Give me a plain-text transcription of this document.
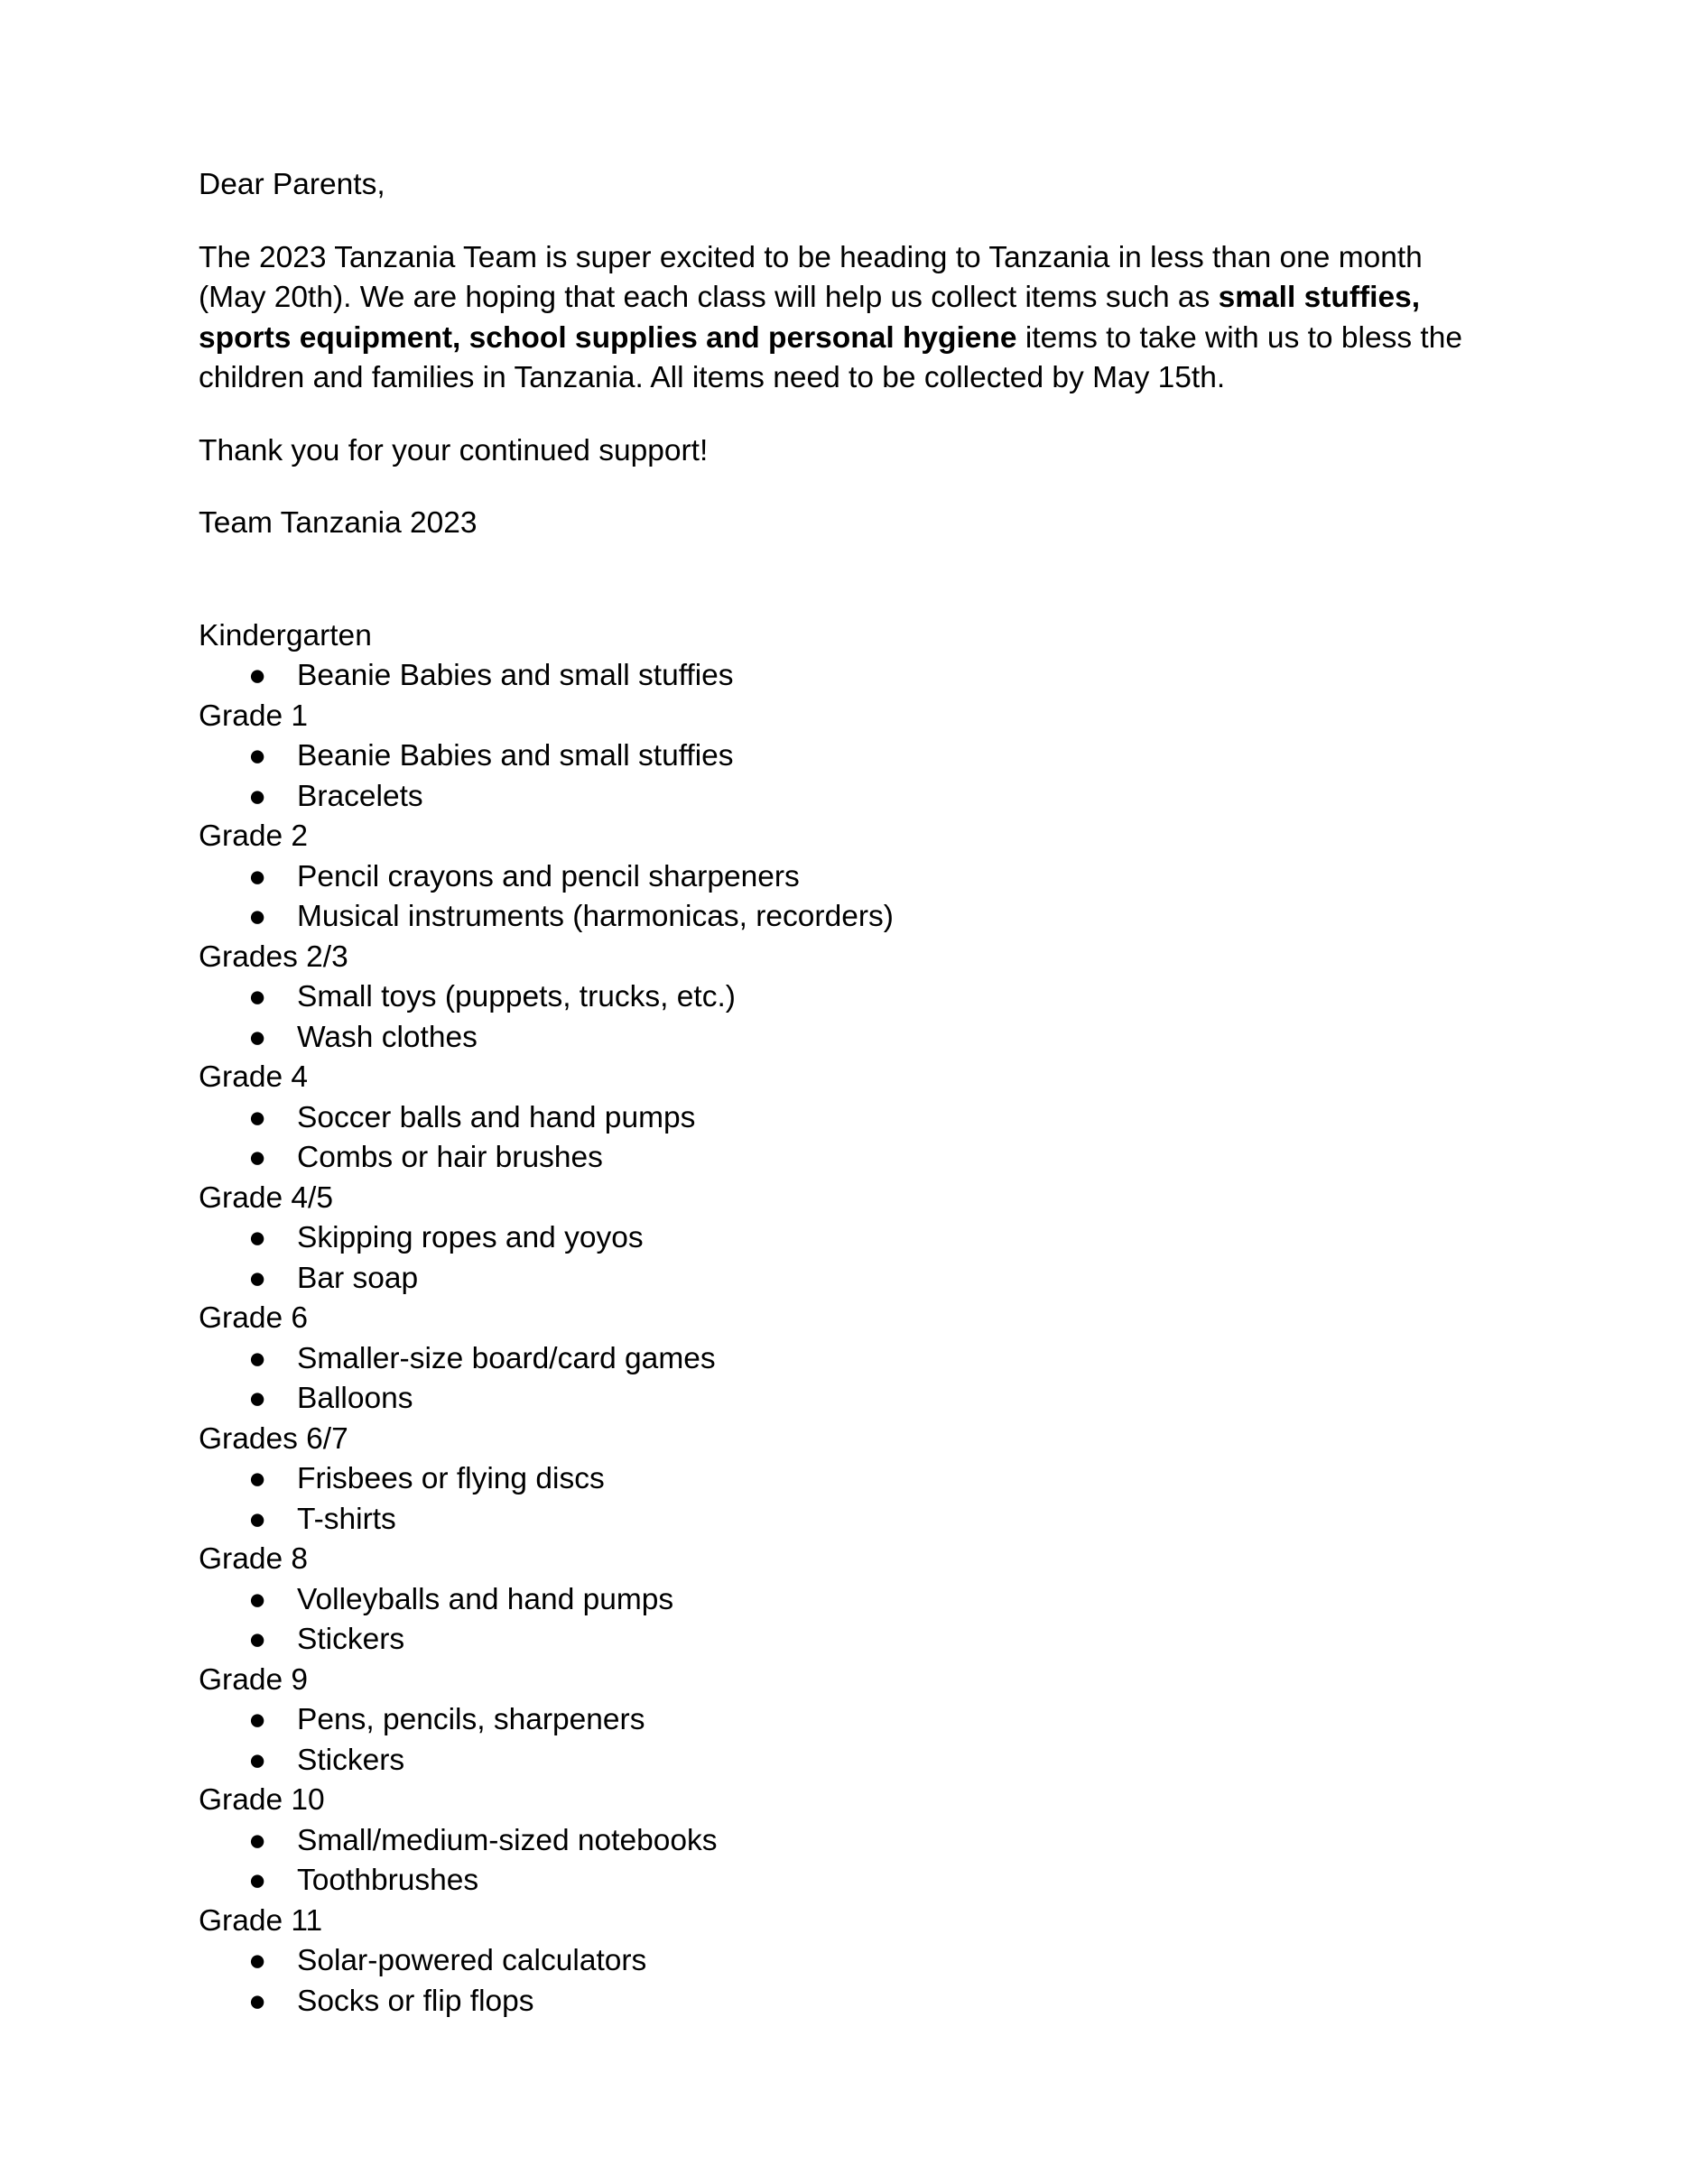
Dear Parents,

The 2023 Tanzania Team is super excited to be heading to Tanzania in less than one month (May 20th). We are hoping that each class will help us collect items such as small stuffies, sports equipment, school supplies and personal hygiene items to take with us to bless the children and families in Tanzania. All items need to be collected by May 15th.

Thank you for your continued support!

Team Tanzania 2023

Kindergarten
● Beanie Babies and small stuffies
Grade 1
● Beanie Babies and small stuffies
● Bracelets
Grade 2
● Pencil crayons and pencil sharpeners
● Musical instruments (harmonicas, recorders)
Grades 2/3
● Small toys (puppets, trucks, etc.)
● Wash clothes
Grade 4
● Soccer balls and hand pumps
● Combs or hair brushes
Grade 4/5
● Skipping ropes and yoyos
● Bar soap
Grade 6
● Smaller-size board/card games
● Balloons
Grades 6/7
● Frisbees or flying discs
● T-shirts
Grade 8
● Volleyballs and hand pumps
● Stickers
Grade 9
● Pens, pencils, sharpeners
● Stickers
Grade 10
● Small/medium-sized notebooks
● Toothbrushes
Grade 11
● Solar-powered calculators
● Socks or flip flops
